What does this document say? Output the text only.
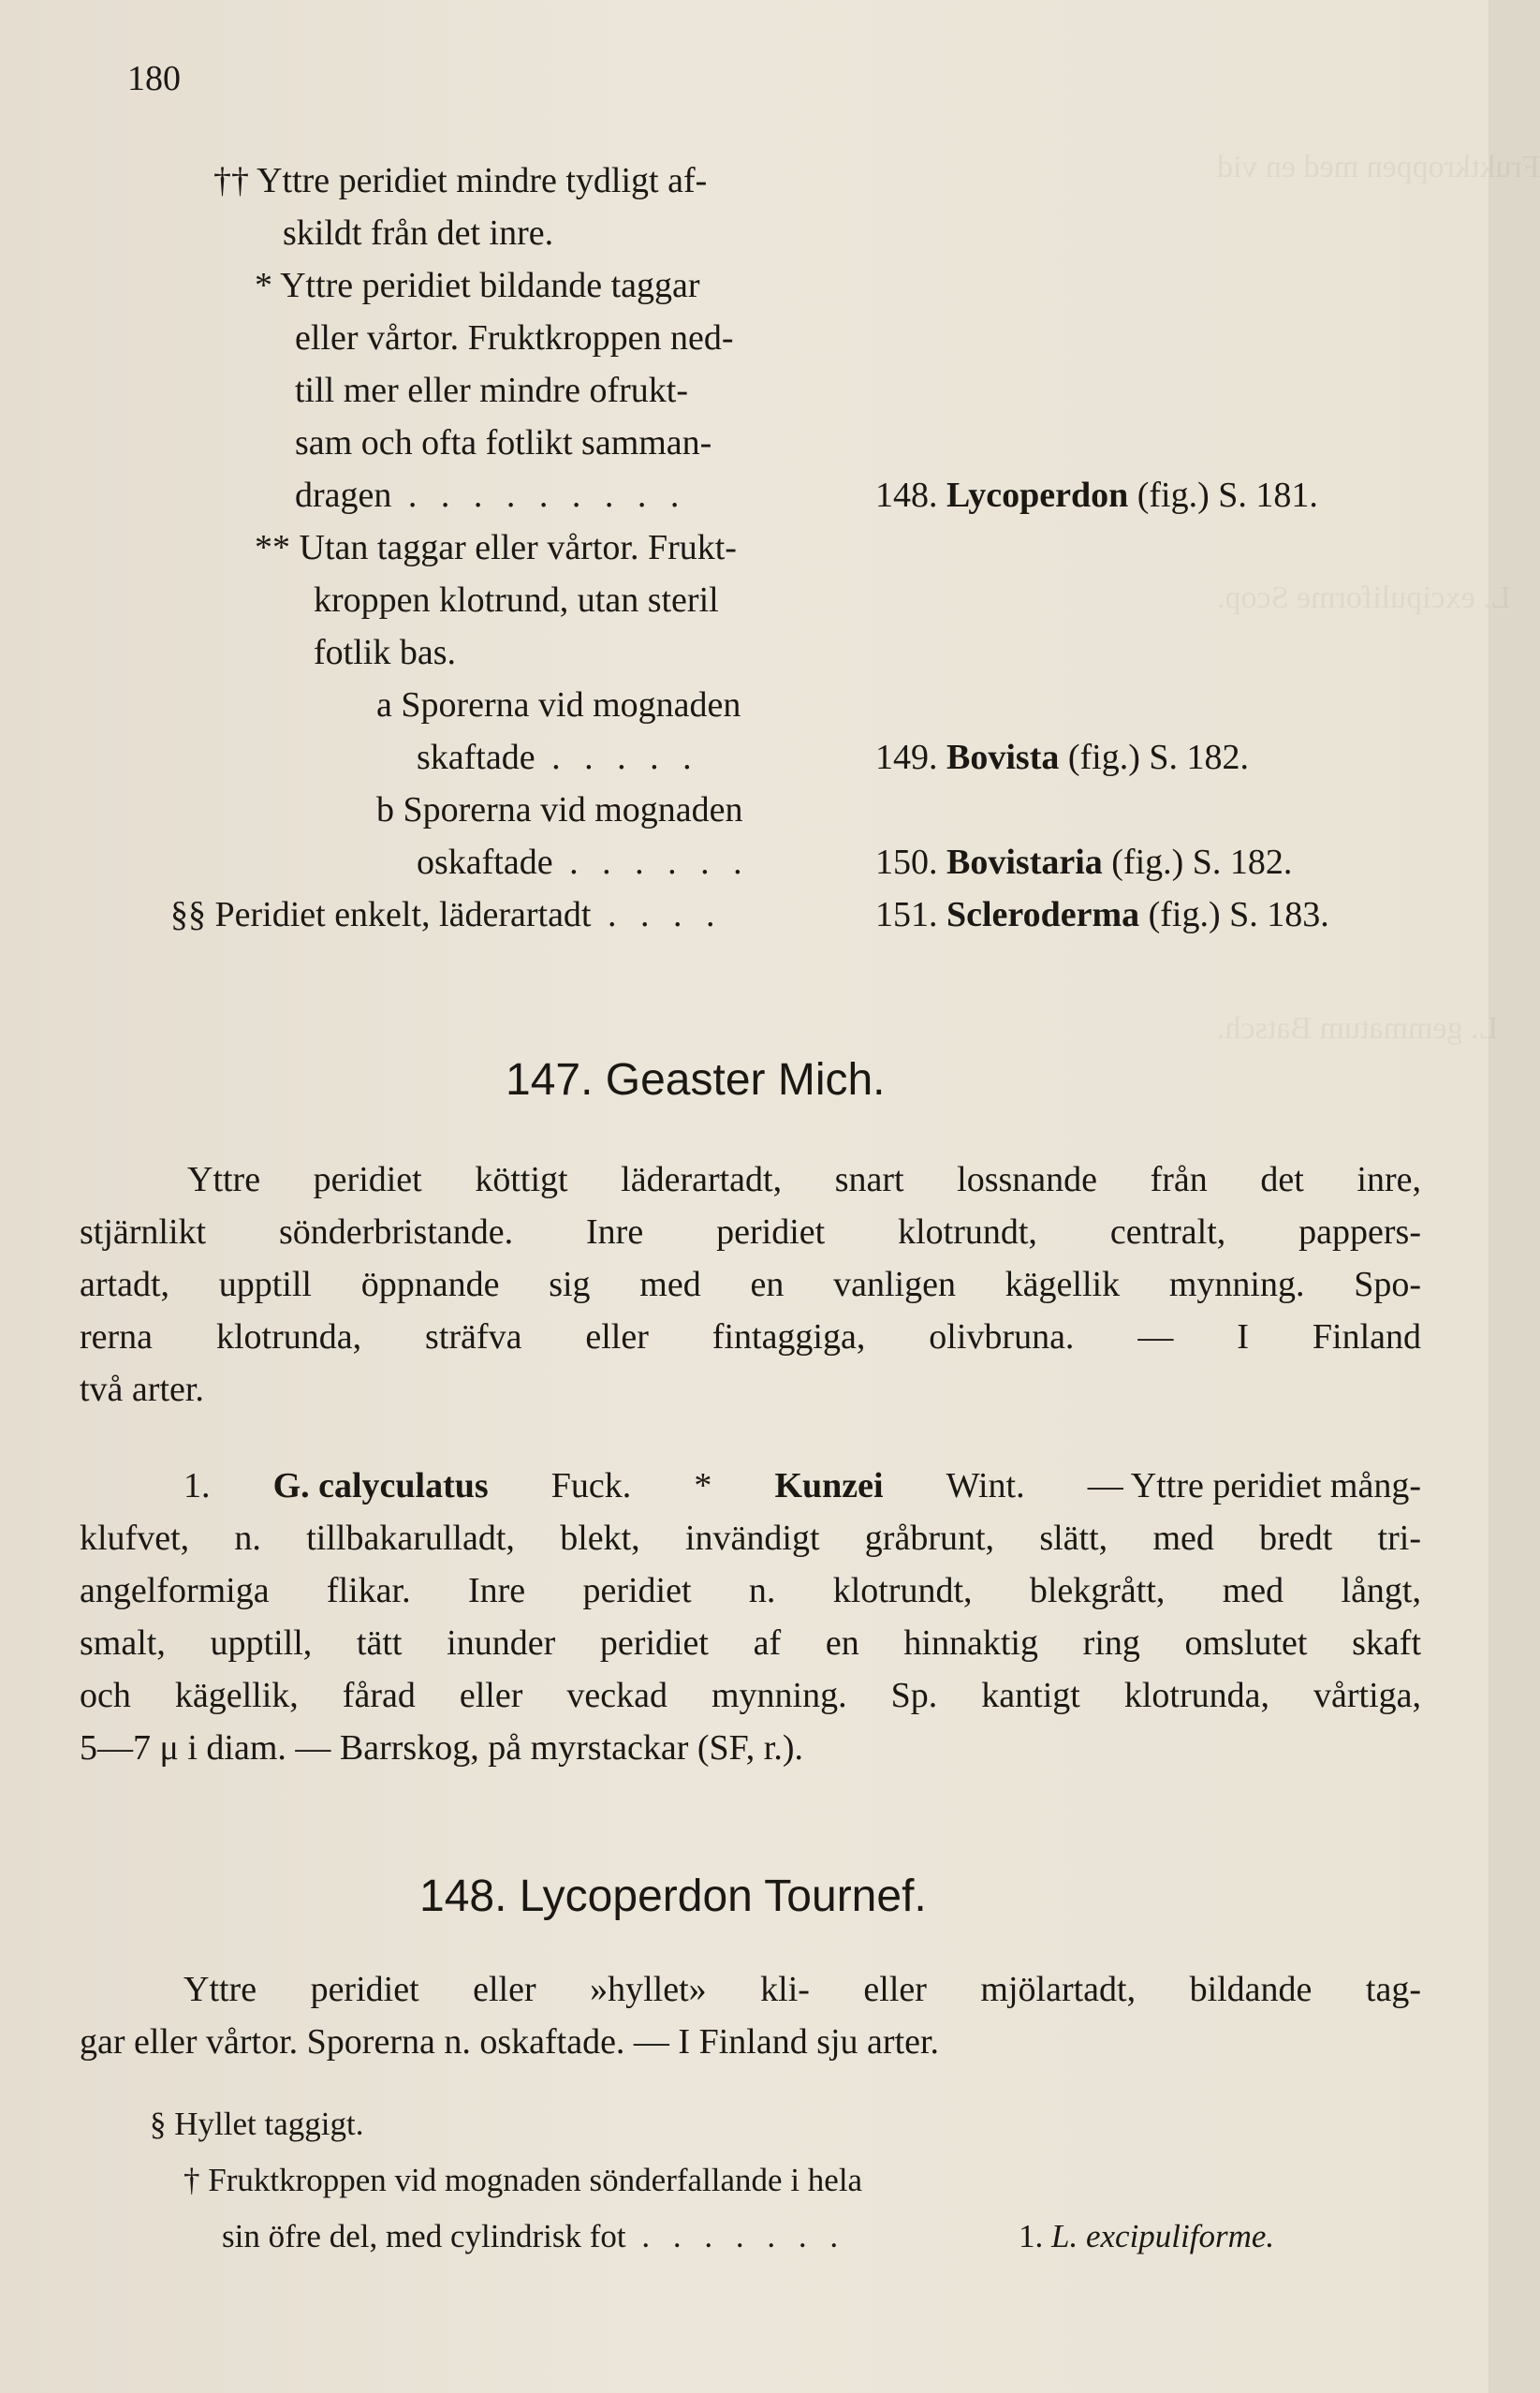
Fruktkroppen med en vid
L. excipuliforme Scop.
L. gemmatum Batsch.
180
†† Yttre peridiet mindre tydligt af-
skildt från det inre.
* Yttre peridiet bildande taggar
eller vårtor. Fruktkroppen ned-
till mer eller mindre ofrukt-
sam och ofta fotlikt samman-
dragen . . . . . . . . .	148. Lycoperdon (fig.) S. 181.
** Utan taggar eller vårtor. Frukt-
kroppen klotrund, utan steril
fotlik bas.
a Sporerna vid mognaden
skaftade . . . . .	149. Bovista (fig.) S. 182.
b Sporerna vid mognaden
oskaftade . . . . . .	150. Bovistaria (fig.) S. 182.
§§ Peridiet enkelt, läderartadt . . . .	151. Scleroderma (fig.) S. 183.
147. Geaster Mich.
Yttre peridiet köttigt läderartadt, snart lossnande från det inre,
stjärnlikt sönderbristande. Inre peridiet klotrundt, centralt, pappers-
artadt, upptill öppnande sig med en vanligen kägellik mynning. Spo-
rerna klotrunda, sträfva eller fintaggiga, olivbruna. — I Finland
två arter.
1. G. calyculatus Fuck. * Kunzei Wint. — Yttre peridiet mång-
klufvet, n. tillbakarulladt, blekt, invändigt gråbrunt, slätt, med bredt tri-
angelformiga flikar. Inre peridiet n. klotrundt, blekgrått, med långt,
smalt, upptill, tätt inunder peridiet af en hinnaktig ring omslutet skaft
och kägellik, fårad eller veckad mynning. Sp. kantigt klotrunda, vårtiga,
5—7 μ i diam. — Barrskog, på myrstackar (SF, r.).
148. Lycoperdon Tournef.
Yttre peridiet eller »hyllet» kli- eller mjölartadt, bildande tag-
gar eller vårtor. Sporerna n. oskaftade. — I Finland sju arter.
§ Hyllet taggigt.
† Fruktkroppen vid mognaden sönderfallande i hela
sin öfre del, med cylindrisk fot . . . . . . .	1. L. excipuliforme.
